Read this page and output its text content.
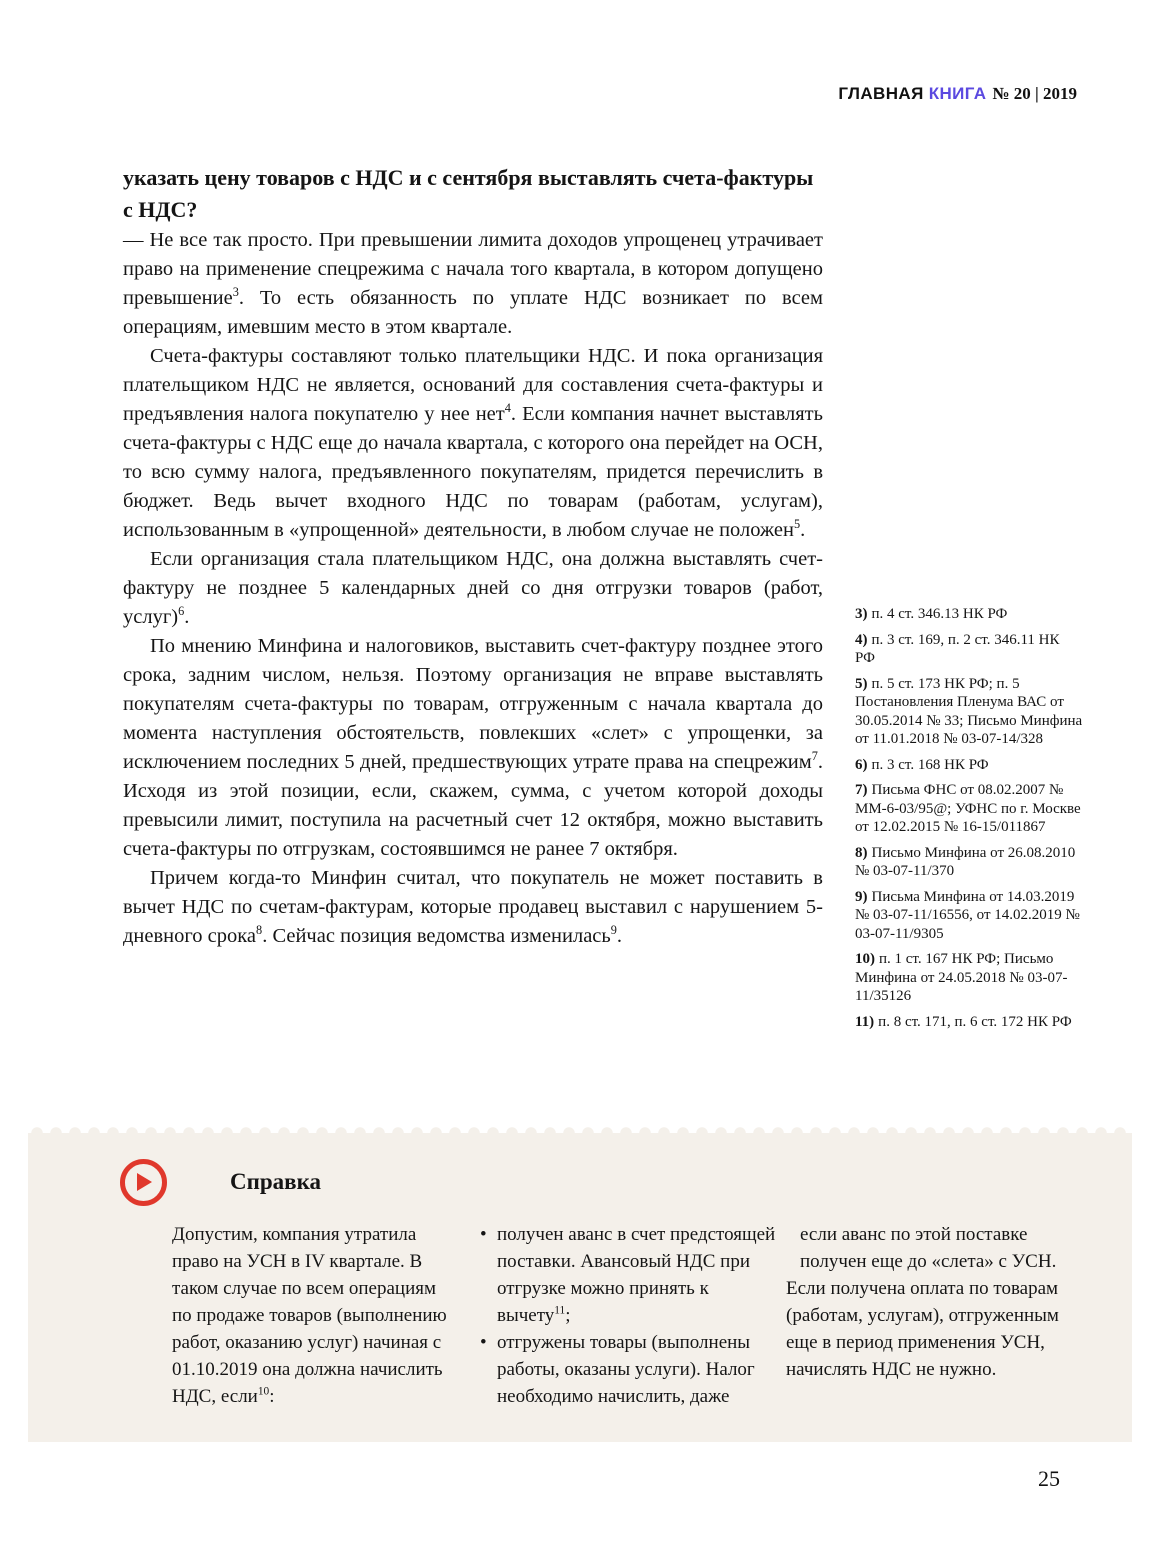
ГЛАВНАЯ КНИГА № 20 | 2019
указать цену товаров с НДС и с сентября выставлять счета-фактуры с НДС?

— Не все так просто. При превышении лимита доходов упрощенец утрачивает право на применение спецрежима с начала того квартала, в котором допущено превышение$^3$. То есть обязанность по уплате НДС возникает по всем операциям, имевшим место в этом квартале.

Счета-фактуры составляют только плательщики НДС. И пока организация плательщиком НДС не является, оснований для составления счета-фактуры и предъявления налога покупателю у нее нет$^4$. Если компания начнет выставлять счета-фактуры с НДС еще до начала квартала, с которого она перейдет на ОСН, то всю сумму налога, предъявленного покупателям, придется перечислить в бюджет. Ведь вычет входного НДС по товарам (работам, услугам), использованным в «упрощенной» деятельности, в любом случае не положен$^5$.

Если организация стала плательщиком НДС, она должна выставлять счет-фактуру не позднее 5 календарных дней со дня отгрузки товаров (работ, услуг)$^6$.

По мнению Минфина и налоговиков, выставить счет-фактуру позднее этого срока, задним числом, нельзя. Поэтому организация не вправе выставлять покупателям счета-фактуры по товарам, отгруженным с начала квартала до момента наступления обстоятельств, повлекших «слет» с упрощенки, за исключением последних 5 дней, предшествующих утрате права на спецрежим$^7$. Исходя из этой позиции, если, скажем, сумма, с учетом которой доходы превысили лимит, поступила на расчетный счет 12 октября, можно выставить счета-фактуры по отгрузкам, состоявшимся не ранее 7 октября.

Причем когда-то Минфин считал, что покупатель не может поставить в вычет НДС по счетам-фактурам, которые продавец выставил с нарушением 5-дневного срока$^8$. Сейчас позиция ведомства изменилась$^9$.

3) п. 4 ст. 346.13 НК РФ
4) п. 3 ст. 169, п. 2 ст. 346.11 НК РФ
5) п. 5 ст. 173 НК РФ; п. 5 Постановления Пленума ВАС от 30.05.2014 № 33; Письмо Минфина от 11.01.2018 № 03-07-14/328
6) п. 3 ст. 168 НК РФ
7) Письма ФНС от 08.02.2007 № ММ-6-03/95@; УФНС по г. Москве от 12.02.2015 № 16-15/011867
8) Письмо Минфина от 26.08.2010 № 03-07-11/370
9) Письма Минфина от 14.03.2019 № 03-07-11/16556, от 14.02.2019 № 03-07-11/9305
10) п. 1 ст. 167 НК РФ; Письмо Минфина от 24.05.2018 № 03-07-11/35126
11) п. 8 ст. 171, п. 6 ст. 172 НК РФ
Справка

Допустим, компания утратила право на УСН в IV квартале. В таком случае по всем операциям по продаже товаров (выполнению работ, оказанию услуг) начиная с 01.10.2019 она должна начислить НДС, если$^{10}$:

• получен аванс в счет предстоящей поставки. Авансовый НДС при отгрузке можно принять к вычету$^{11}$;
• отгружены товары (выполнены работы, оказаны услуги). Налог необходимо начислить, даже

если аванс по этой поставке получен еще до «слета» с УСН.

Если получена оплата по товарам (работам, услугам), отгруженным еще в период применения УСН, начислять НДС не нужно.

25
